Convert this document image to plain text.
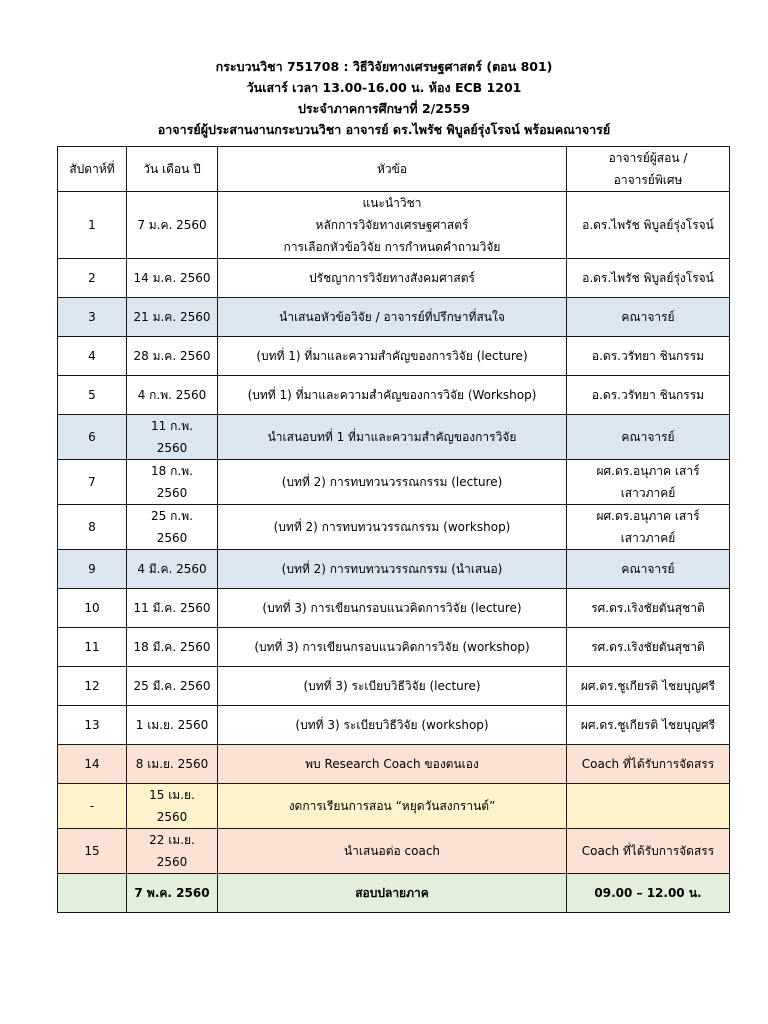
กระบวนวิชา 751708 : วิธีวิจัยทางเศรษฐศาสตร์ (ตอน 801)
วันเสาร์ เวลา 13.00-16.00 น. ห้อง ECB 1201
ประจำภาคการศึกษาที่ 2/2559
อาจารย์ผู้ประสานงานกระบวนวิชา อาจารย์ ดร.ไพรัช พิบูลย์รุ่งโรจน์ พร้อมคณาจารย์
สัปดาห์ที่	วัน เดือน ปี	หัวข้อ	อาจารย์ผู้สอน /
อาจารย์พิเศษ

1	7 ม.ค. 2560	แนะนำวิชา
หลักการวิจัยทางเศรษฐศาสตร์
การเลือกหัวข้อวิจัย การกำหนดคำถามวิจัย	อ.ดร.ไพรัช พิบูลย์รุ่งโรจน์

2	14 ม.ค. 2560	ปรัชญาการวิจัยทางสังคมศาสตร์	อ.ดร.ไพรัช พิบูลย์รุ่งโรจน์

3	21 ม.ค. 2560	นำเสนอหัวข้อวิจัย / อาจารย์ที่ปรึกษาที่สนใจ	คณาจารย์

4	28 ม.ค. 2560	(บทที่ 1) ที่มาและความสำคัญของการวิจัย (lecture)	อ.ดร.วรัทยา ชินกรรม

5	4 ก.พ. 2560	(บทที่ 1) ที่มาและความสำคัญของการวิจัย (Workshop)	อ.ดร.วรัทยา ชินกรรม

6	11 ก.พ.
2560	นำเสนอบทที่ 1 ที่มาและความสำคัญของการวิจัย	คณาจารย์

7	18 ก.พ.
2560	(บทที่ 2) การทบทวนวรรณกรรม (lecture)	ผศ.ดร.อนุภาค เสาร์
เสาวภาคย์

8	25 ก.พ.
2560	(บทที่ 2) การทบทวนวรรณกรรม (workshop)	ผศ.ดร.อนุภาค เสาร์
เสาวภาคย์

9	4 มี.ค. 2560	(บทที่ 2) การทบทวนวรรณกรรม (นำเสนอ)	คณาจารย์

10	11 มี.ค. 2560	(บทที่ 3) การเขียนกรอบแนวคิดการวิจัย (lecture)	รศ.ดร.เริงชัยตันสุชาติ

11	18 มี.ค. 2560	(บทที่ 3) การเขียนกรอบแนวคิดการวิจัย (workshop)	รศ.ดร.เริงชัยตันสุชาติ

12	25 มี.ค. 2560	(บทที่ 3) ระเบียบวิธีวิจัย (lecture)	ผศ.ดร.ชูเกียรติ ไชยบุญศรี

13	1 เม.ย. 2560	(บทที่ 3) ระเบียบวิธีวิจัย (workshop)	ผศ.ดร.ชูเกียรติ ไชยบุญศรี

14	8 เม.ย. 2560	พบ Research Coach ของตนเอง	Coach ที่ได้รับการจัดสรร

-	15 เม.ย.
2560	งดการเรียนการสอน “หยุดวันสงกรานต์”	

15	22 เม.ย.
2560	นำเสนอต่อ coach	Coach ที่ได้รับการจัดสรร

	7 พ.ค. 2560	สอบปลายภาค	09.00 – 12.00 น.
